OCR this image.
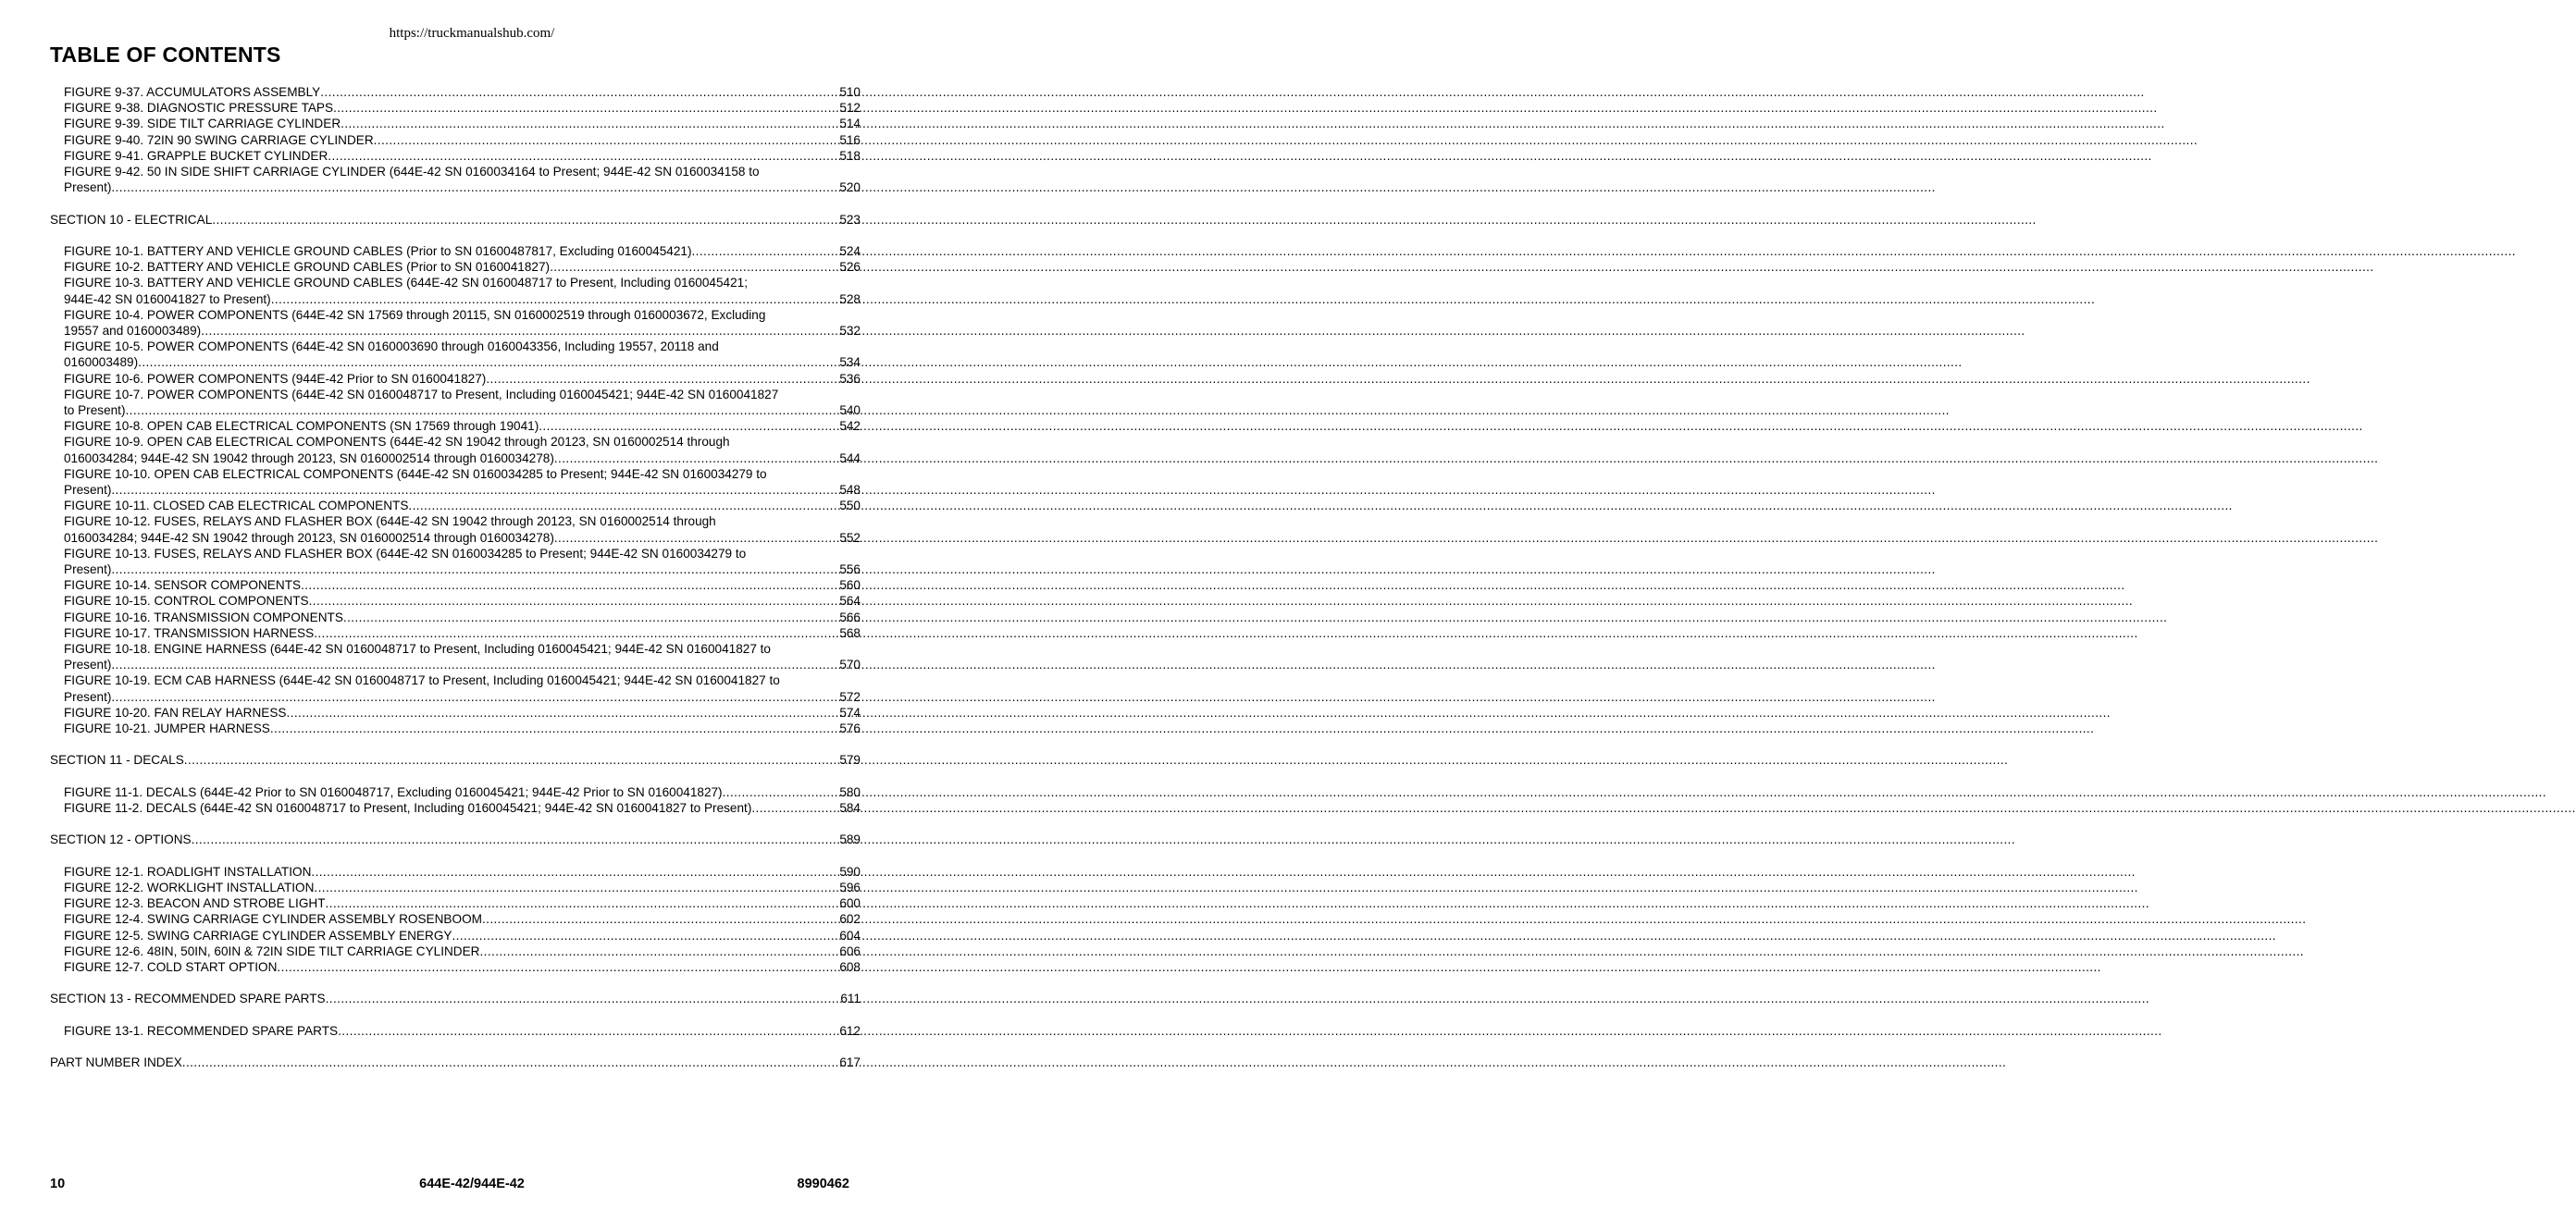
https://truckmanualshub.com/
TABLE OF CONTENTS
FIGURE 9-37. ACCUMULATORS ASSEMBLY .....	510
FIGURE 9-38. DIAGNOSTIC PRESSURE TAPS .....	512
FIGURE 9-39. SIDE TILT CARRIAGE CYLINDER .....	514
FIGURE 9-40. 72IN 90 SWING CARRIAGE CYLINDER .....	516
FIGURE 9-41. GRAPPLE BUCKET CYLINDER .....	518
FIGURE 9-42. 50 IN SIDE SHIFT CARRIAGE CYLINDER (644E-42 SN 0160034164 to Present; 944E-42 SN 0160034158 to
Present) .....	520
SECTION 10 - ELECTRICAL .....	523
FIGURE 10-1. BATTERY AND VEHICLE GROUND CABLES (Prior to SN 01600487817, Excluding 0160045421) .....	524
FIGURE 10-2. BATTERY AND VEHICLE GROUND CABLES (Prior to SN 0160041827) .....	526
FIGURE 10-3. BATTERY AND VEHICLE GROUND CABLES (644E-42 SN 0160048717 to Present, Including 0160045421;
944E-42 SN 0160041827 to Present) .....	528
FIGURE 10-4. POWER COMPONENTS (644E-42 SN 17569 through 20115, SN 0160002519 through 0160003672, Excluding
19557 and 0160003489) .....	532
FIGURE 10-5. POWER COMPONENTS (644E-42 SN 0160003690 through 0160043356, Including 19557, 20118 and
0160003489) .....	534
FIGURE 10-6. POWER COMPONENTS (944E-42 Prior to SN 0160041827) .....	536
FIGURE 10-7. POWER COMPONENTS (644E-42 SN 0160048717 to Present, Including 0160045421; 944E-42 SN 0160041827
to Present) .....	540
FIGURE 10-8. OPEN CAB ELECTRICAL COMPONENTS (SN 17569 through 19041) .....	542
FIGURE 10-9. OPEN CAB ELECTRICAL COMPONENTS (644E-42 SN 19042 through 20123, SN 0160002514 through
0160034284; 944E-42 SN 19042 through 20123, SN 0160002514 through 0160034278) .....	544
FIGURE 10-10. OPEN CAB ELECTRICAL COMPONENTS (644E-42 SN 0160034285 to Present; 944E-42 SN 0160034279 to
Present) .....	548
FIGURE 10-11. CLOSED CAB ELECTRICAL COMPONENTS .....	550
FIGURE 10-12. FUSES, RELAYS AND FLASHER BOX (644E-42 SN 19042 through 20123, SN 0160002514 through
0160034284; 944E-42 SN 19042 through 20123, SN 0160002514 through 0160034278) .....	552
FIGURE 10-13. FUSES, RELAYS AND FLASHER BOX (644E-42 SN 0160034285 to Present; 944E-42 SN 0160034279 to
Present) .....	556
FIGURE 10-14. SENSOR COMPONENTS .....	560
FIGURE 10-15. CONTROL COMPONENTS .....	564
FIGURE 10-16. TRANSMISSION COMPONENTS .....	566
FIGURE 10-17. TRANSMISSION HARNESS .....	568
FIGURE 10-18. ENGINE HARNESS (644E-42 SN 0160048717 to Present, Including 0160045421; 944E-42 SN 0160041827 to
Present) .....	570
FIGURE 10-19. ECM CAB HARNESS (644E-42 SN 0160048717 to Present, Including 0160045421; 944E-42 SN 0160041827 to
Present) .....	572
FIGURE 10-20. FAN RELAY HARNESS .....	574
FIGURE 10-21. JUMPER HARNESS .....	576
SECTION 11 - DECALS .....	579
FIGURE 11-1. DECALS (644E-42 Prior to SN 0160048717, Excluding 0160045421; 944E-42 Prior to SN 0160041827) .....	580
FIGURE 11-2. DECALS (644E-42 SN 0160048717 to Present, Including 0160045421; 944E-42 SN 0160041827 to Present) .....	584
SECTION 12 - OPTIONS .....	589
FIGURE 12-1. ROADLIGHT INSTALLATION .....	590
FIGURE 12-2. WORKLIGHT INSTALLATION .....	596
FIGURE 12-3. BEACON AND STROBE LIGHT .....	600
FIGURE 12-4. SWING CARRIAGE CYLINDER ASSEMBLY ROSENBOOM .....	602
FIGURE 12-5. SWING CARRIAGE CYLINDER ASSEMBLY ENERGY .....	604
FIGURE 12-6. 48IN, 50IN, 60IN & 72IN SIDE TILT CARRIAGE CYLINDER .....	606
FIGURE 12-7. COLD START OPTION .....	608
SECTION 13 - RECOMMENDED SPARE PARTS .....	611
FIGURE 13-1. RECOMMENDED SPARE PARTS .....	612
PART NUMBER INDEX .....	617
10	644E-42/944E-42	8990462
